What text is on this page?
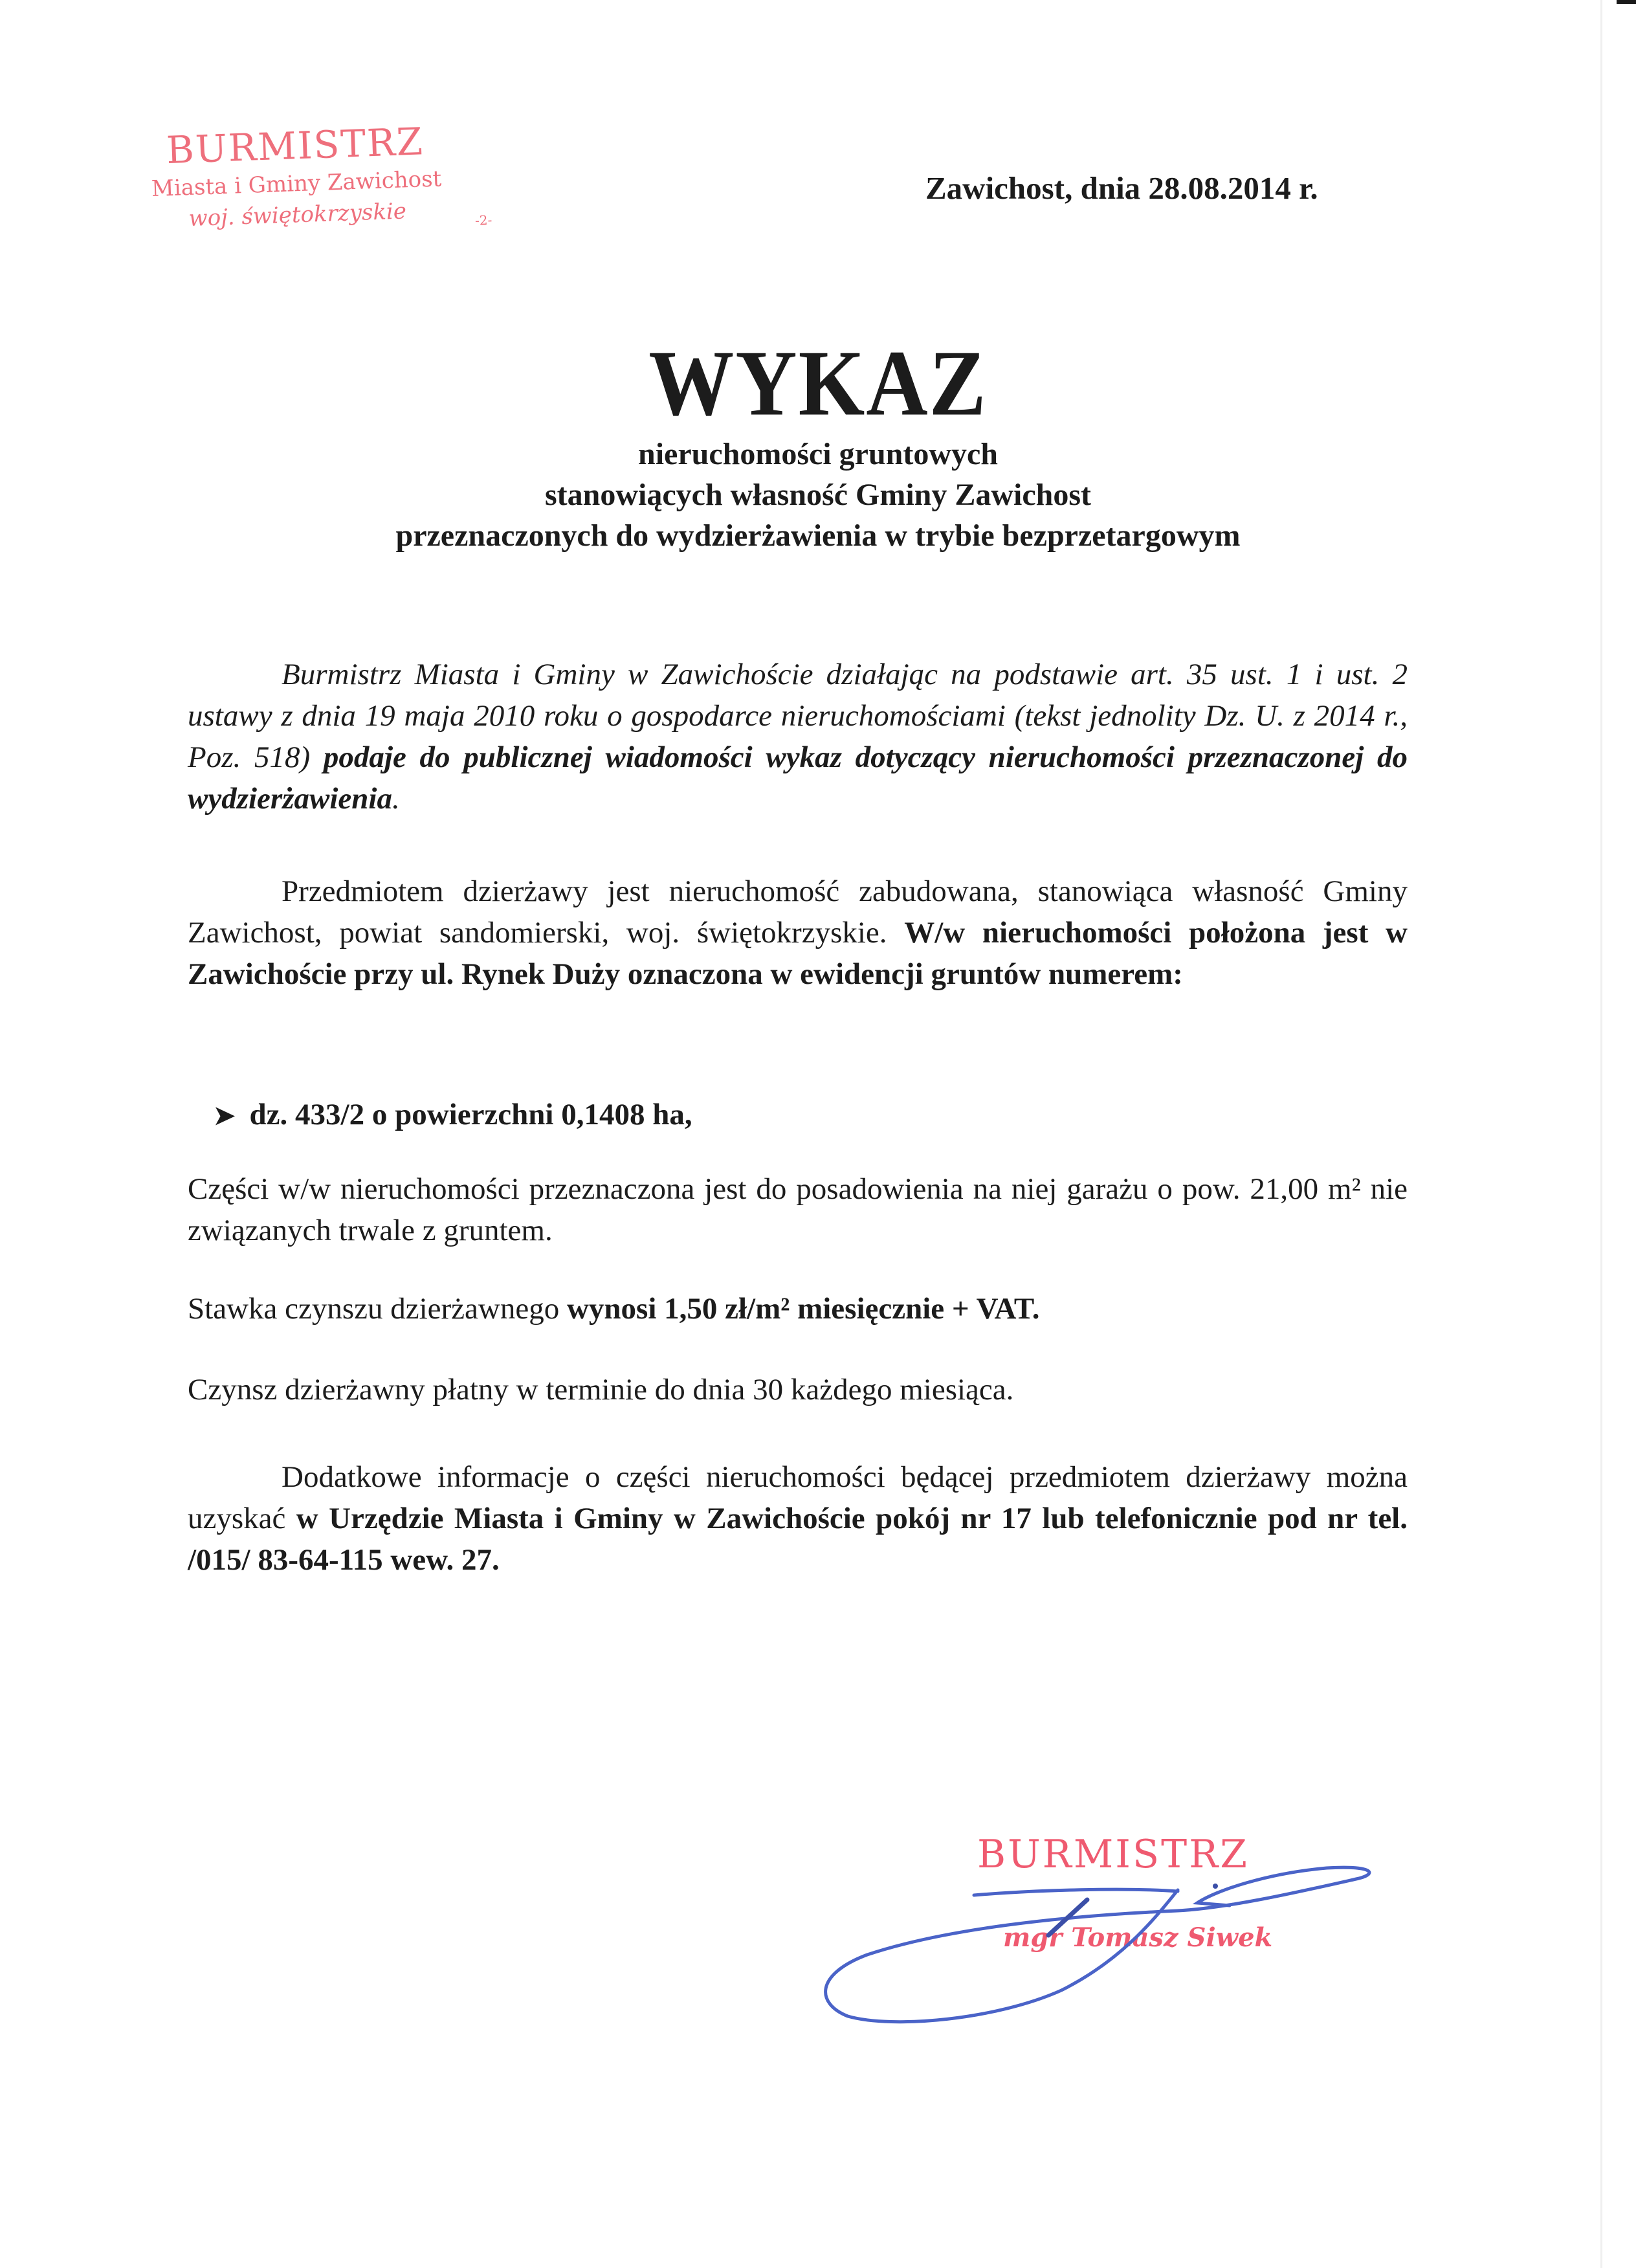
BURMISTRZ
Miasta i Gminy Zawichost
woj. świętokrzyskie	-2-
Zawichost, dnia 28.08.2014 r.
WYKAZ
nieruchomości gruntowych
stanowiących własność Gminy Zawichost
przeznaczonych do wydzierżawienia w trybie bezprzetargowym
Burmistrz Miasta i Gminy w Zawichoście działając na podstawie art. 35 ust. 1 i ust. 2 ustawy z dnia 19 maja 2010 roku o gospodarce nieruchomościami (tekst jednolity Dz. U. z 2014 r., Poz. 518) podaje do publicznej wiadomości wykaz dotyczący nieruchomości przeznaczonej do wydzierżawienia.
Przedmiotem dzierżawy jest nieruchomość zabudowana, stanowiąca własność Gminy Zawichost, powiat sandomierski, woj. świętokrzyskie. W/w nieruchomości położona jest w Zawichoście przy ul. Rynek Duży oznaczona w ewidencji gruntów numerem:
➤ dz. 433/2 o powierzchni 0,1408 ha,
Części w/w nieruchomości przeznaczona jest do posadowienia na niej garażu o pow. 21,00 m² nie związanych trwale z gruntem.
Stawka czynszu dzierżawnego wynosi 1,50 zł/m² miesięcznie + VAT.
Czynsz dzierżawny płatny w terminie do dnia 30 każdego miesiąca.
Dodatkowe informacje o części nieruchomości będącej przedmiotem dzierżawy można uzyskać w Urzędzie Miasta i Gminy w Zawichoście pokój nr 17 lub telefonicznie pod nr tel. /015/ 83-64-115 wew. 27.
BURMISTRZ
mgr Tomasz Siwek
